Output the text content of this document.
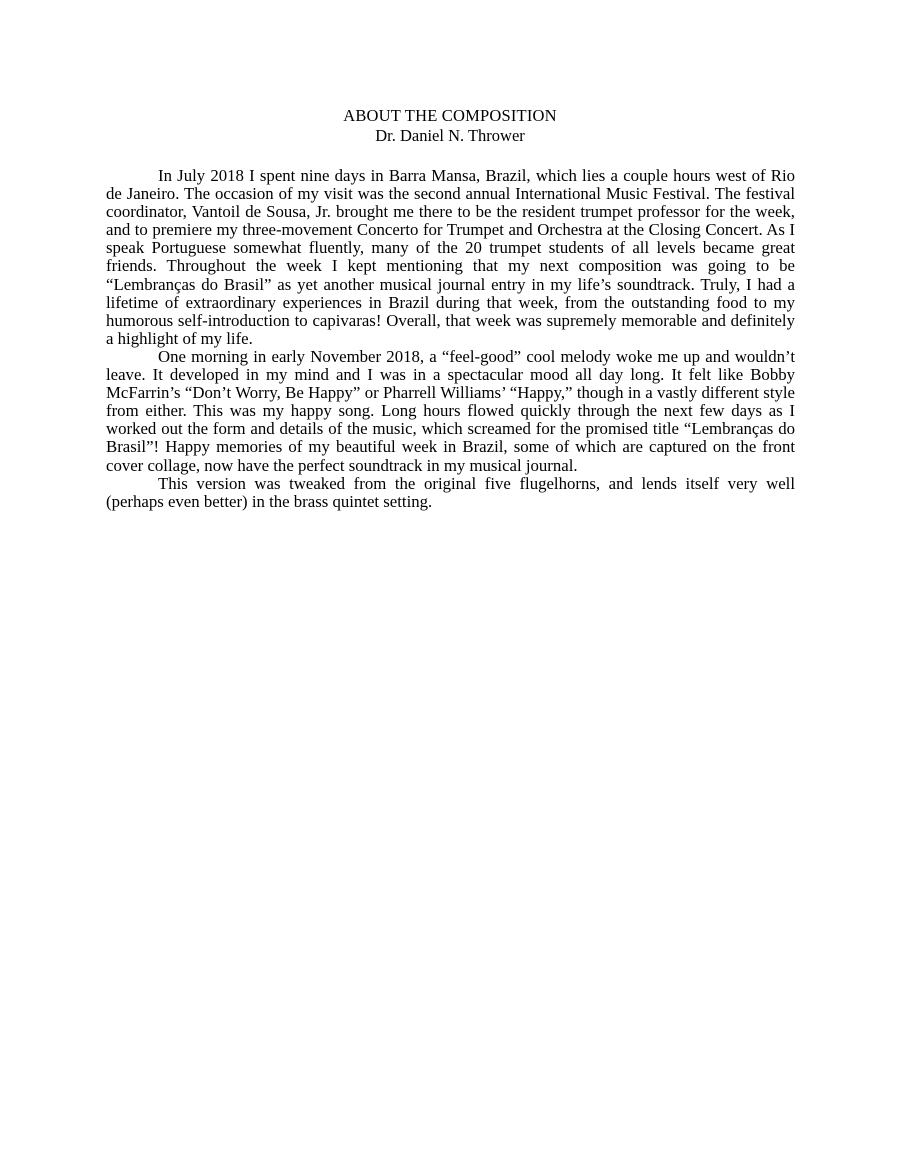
ABOUT THE COMPOSITION
Dr. Daniel N. Thrower

In July 2018 I spent nine days in Barra Mansa, Brazil, which lies a couple hours west of Rio de Janeiro. The occasion of my visit was the second annual International Music Festival. The festival coordinator, Vantoil de Sousa, Jr. brought me there to be the resident trumpet professor for the week, and to premiere my three-movement Concerto for Trumpet and Orchestra at the Closing Concert. As I speak Portuguese somewhat fluently, many of the 20 trumpet students of all levels became great friends. Throughout the week I kept mentioning that my next composition was going to be “Lembranças do Brasil” as yet another musical journal entry in my life’s soundtrack. Truly, I had a lifetime of extraordinary experiences in Brazil during that week, from the outstanding food to my humorous self-introduction to capivaras! Overall, that week was supremely memorable and definitely a highlight of my life.

One morning in early November 2018, a “feel-good” cool melody woke me up and wouldn’t leave. It developed in my mind and I was in a spectacular mood all day long. It felt like Bobby McFarrin’s “Don’t Worry, Be Happy” or Pharrell Williams’ “Happy,” though in a vastly different style from either. This was my happy song. Long hours flowed quickly through the next few days as I worked out the form and details of the music, which screamed for the promised title “Lembranças do Brasil”! Happy memories of my beautiful week in Brazil, some of which are captured on the front cover collage, now have the perfect soundtrack in my musical journal.

This version was tweaked from the original five flugelhorns, and lends itself very well (perhaps even better) in the brass quintet setting.
